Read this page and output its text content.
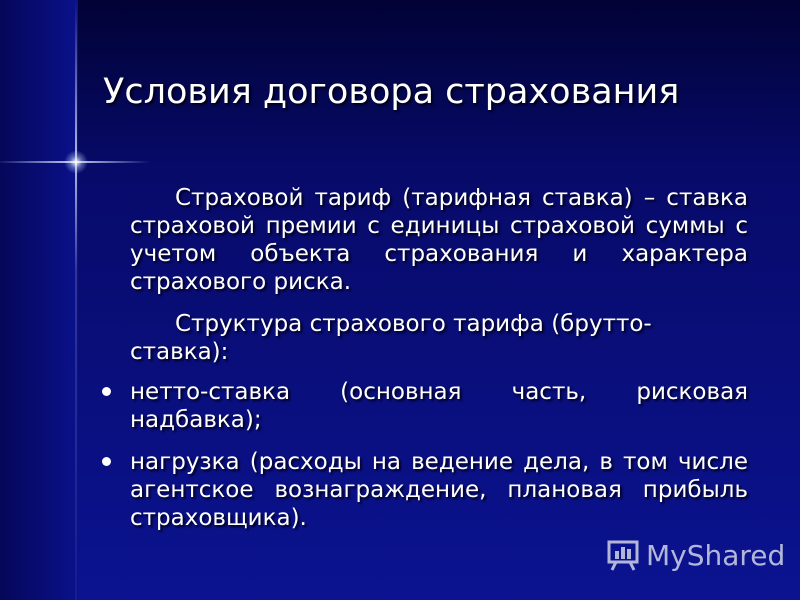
Условия договора страхования

Страховой тариф (тарифная ставка) – ставка страховой премии с единицы страховой суммы с учетом объекта страхования и характера страхового риска.

Структура страхового тарифа (брутто-ставка):

нетто-ставка (основная часть, рисковая надбавка);
нагрузка (расходы на ведение дела, в том числе агентское вознаграждение, плановая прибыль страховщика).
MyShared
